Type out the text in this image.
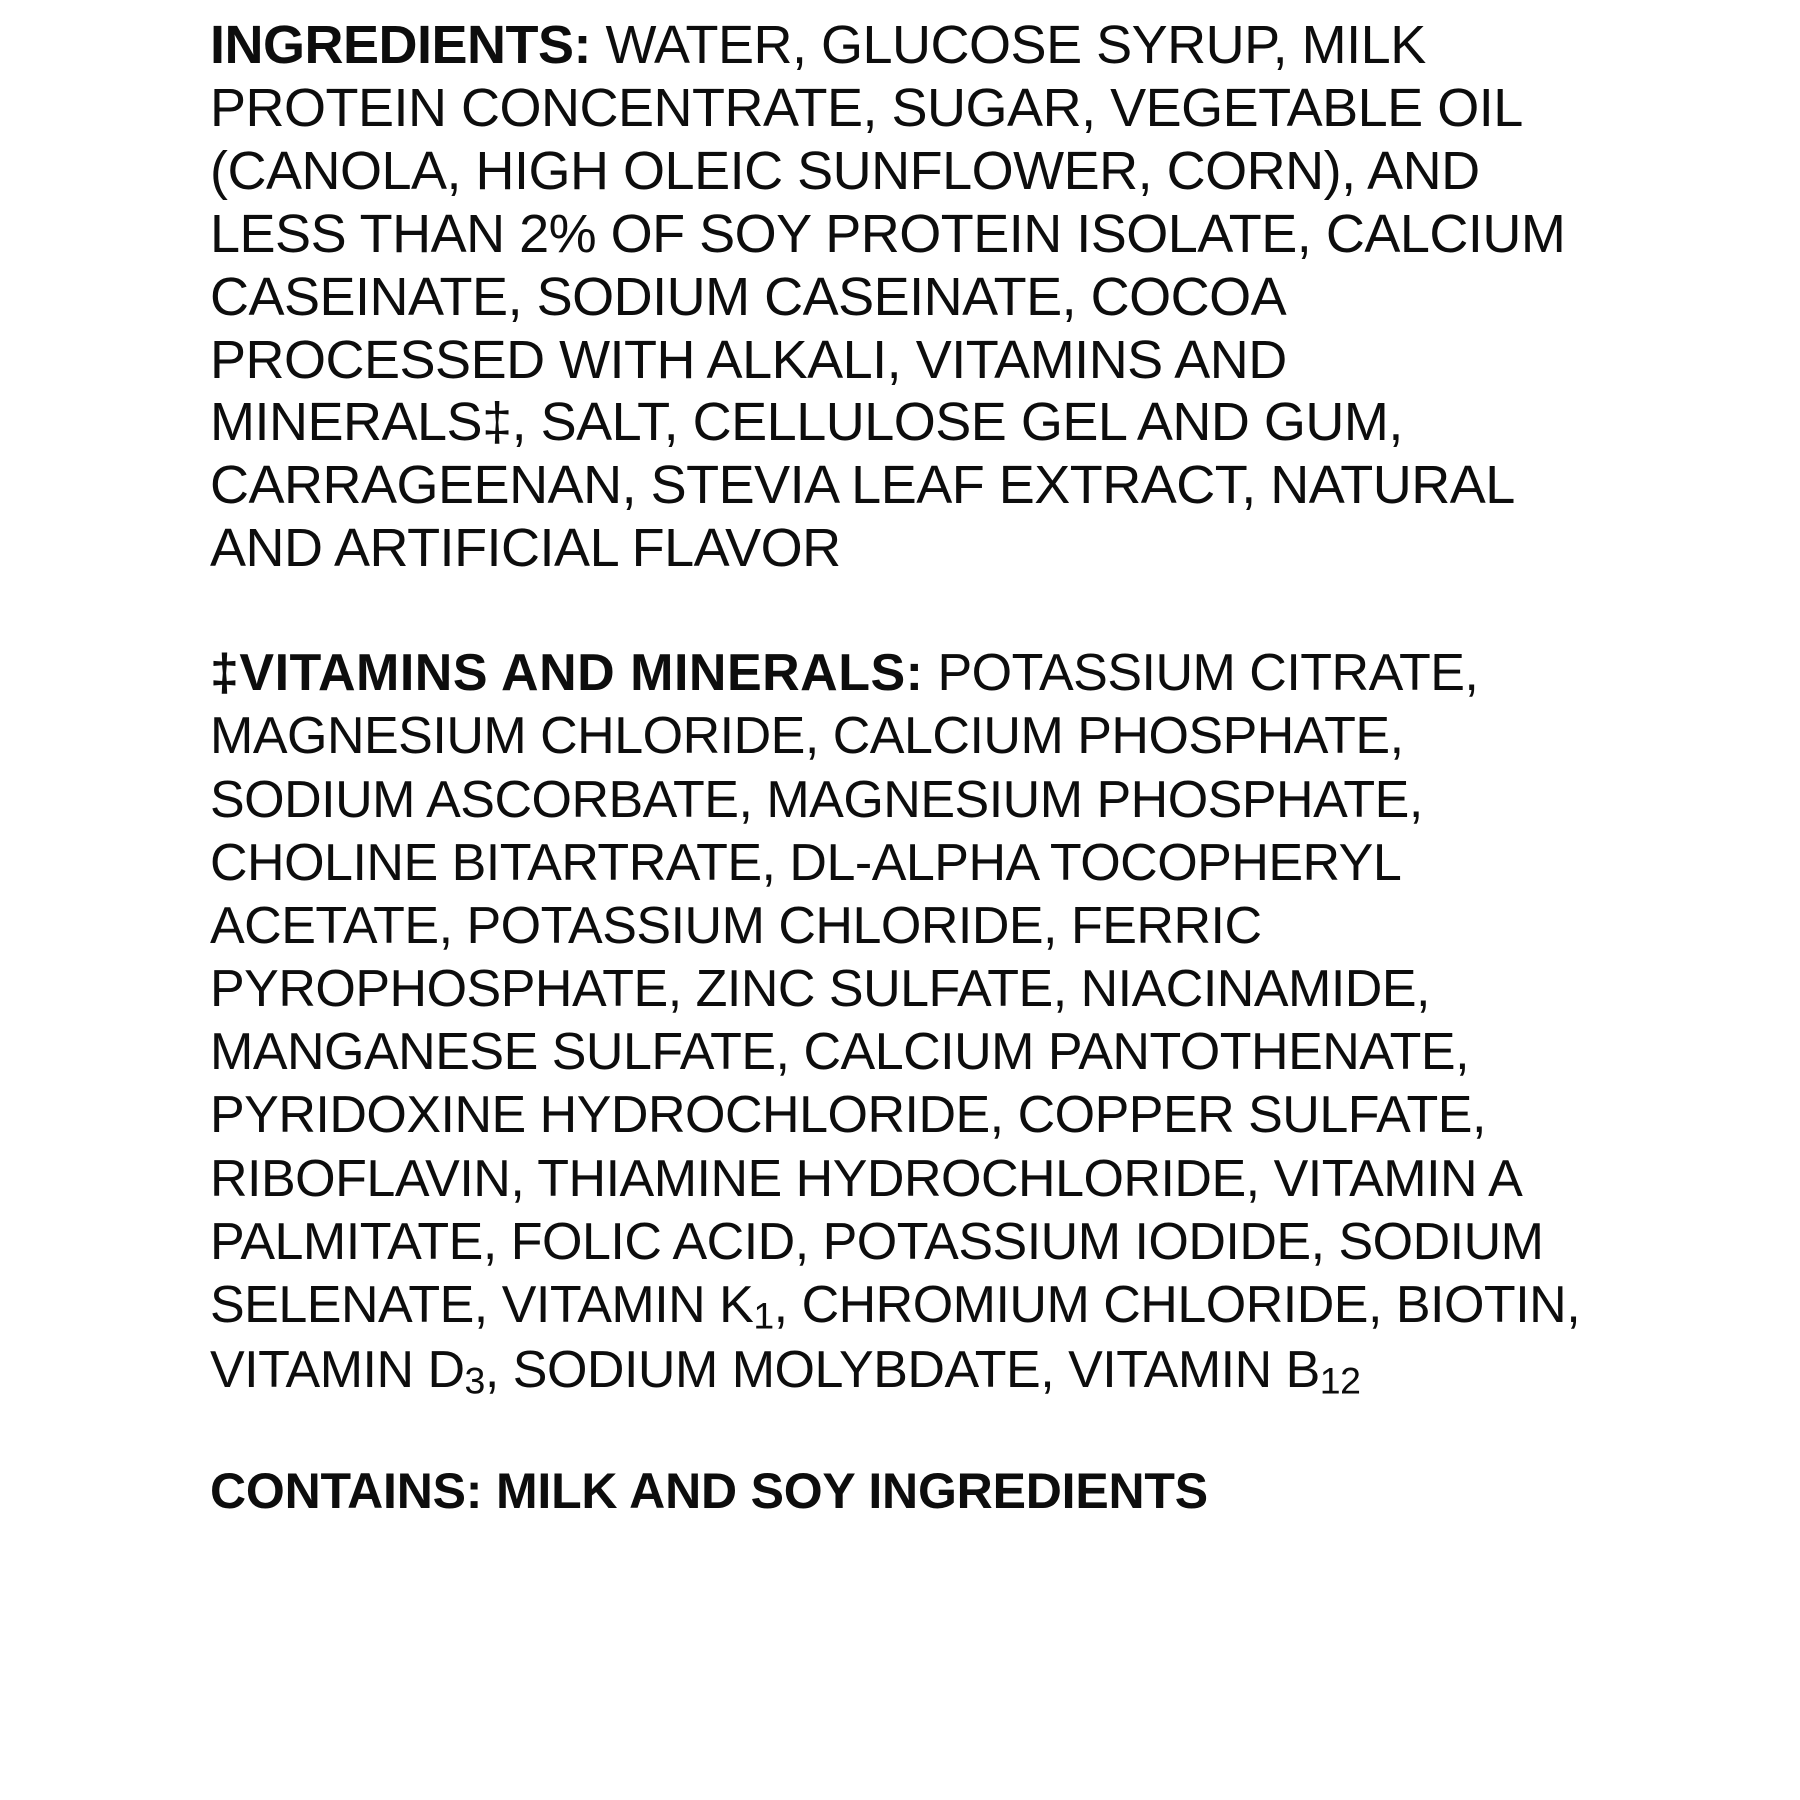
INGREDIENTS: WATER, GLUCOSE SYRUP, MILK PROTEIN CONCENTRATE, SUGAR, VEGETABLE OIL (CANOLA, HIGH OLEIC SUNFLOWER, CORN), AND LESS THAN 2% OF SOY PROTEIN ISOLATE, CALCIUM CASEINATE, SODIUM CASEINATE, COCOA PROCESSED WITH ALKALI, VITAMINS AND MINERALS‡, SALT, CELLULOSE GEL AND GUM, CARRAGEENAN, STEVIA LEAF EXTRACT, NATURAL AND ARTIFICIAL FLAVOR

‡VITAMINS AND MINERALS: POTASSIUM CITRATE, MAGNESIUM CHLORIDE, CALCIUM PHOSPHATE, SODIUM ASCORBATE, MAGNESIUM PHOSPHATE, CHOLINE BITARTRATE, DL-ALPHA TOCOPHERYL ACETATE, POTASSIUM CHLORIDE, FERRIC PYROPHOSPHATE, ZINC SULFATE, NIACINAMIDE, MANGANESE SULFATE, CALCIUM PANTOTHENATE, PYRIDOXINE HYDROCHLORIDE, COPPER SULFATE, RIBOFLAVIN, THIAMINE HYDROCHLORIDE, VITAMIN A PALMITATE, FOLIC ACID, POTASSIUM IODIDE, SODIUM SELENATE, VITAMIN $K_1$, CHROMIUM CHLORIDE, BIOTIN, VITAMIN $D_3$, SODIUM MOLYBDATE, VITAMIN $B_{12}$

CONTAINS: MILK AND SOY INGREDIENTS
